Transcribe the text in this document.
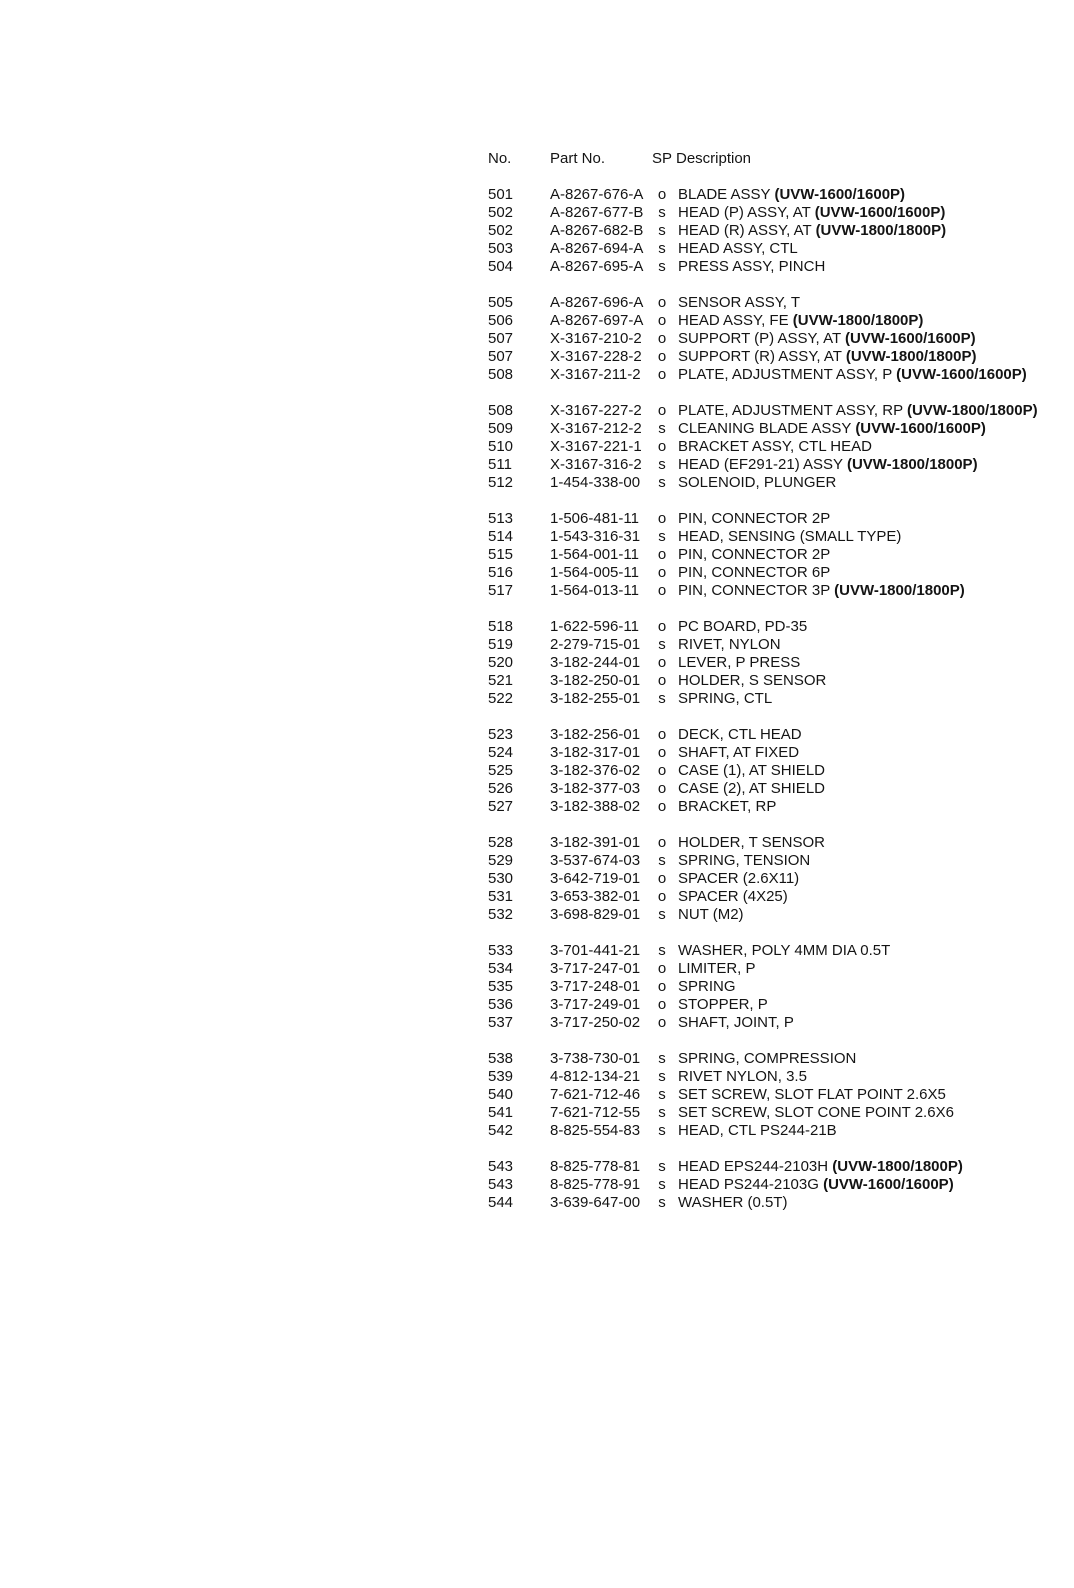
No.	Part No.	SP Description
501	A-8267-676-A o BLADE ASSY (UVW-1600/1600P)
502	A-8267-677-B s HEAD (P) ASSY, AT (UVW-1600/1600P)
502	A-8267-682-B s HEAD (R) ASSY, AT (UVW-1800/1800P)
503	A-8267-694-A s HEAD ASSY, CTL
504	A-8267-695-A s PRESS ASSY, PINCH
505	A-8267-696-A o SENSOR ASSY, T
506	A-8267-697-A o HEAD ASSY, FE (UVW-1800/1800P)
507	X-3167-210-2	o SUPPORT (P) ASSY, AT (UVW-1600/1600P)
507	X-3167-228-2	o SUPPORT (R) ASSY, AT (UVW-1800/1800P)
508	X-3167-211-2	o PLATE, ADJUSTMENT ASSY, P (UVW-1600/1600P)
508	X-3167-227-2	o PLATE, ADJUSTMENT ASSY, RP (UVW-1800/1800P)
509	X-3167-212-2	s CLEANING BLADE ASSY (UVW-1600/1600P)
510	X-3167-221-1	o BRACKET ASSY, CTL HEAD
511	X-3167-316-2	s HEAD (EF291-21) ASSY (UVW-1800/1800P)
512	1-454-338-00	s SOLENOID, PLUNGER
513	1-506-481-11	o PIN, CONNECTOR 2P
514	1-543-316-31	s HEAD, SENSING (SMALL TYPE)
515	1-564-001-11	o PIN, CONNECTOR 2P
516	1-564-005-11	o PIN, CONNECTOR 6P
517	1-564-013-11	o PIN, CONNECTOR 3P (UVW-1800/1800P)
518	1-622-596-11	o PC BOARD, PD-35
519	2-279-715-01	s RIVET, NYLON
520	3-182-244-01	o LEVER, P PRESS
521	3-182-250-01	o HOLDER, S SENSOR
522	3-182-255-01	s SPRING, CTL
523	3-182-256-01	o DECK, CTL HEAD
524	3-182-317-01	o SHAFT, AT FIXED
525	3-182-376-02	o CASE (1), AT SHIELD
526	3-182-377-03	o CASE (2), AT SHIELD
527	3-182-388-02	o BRACKET, RP
528	3-182-391-01	o HOLDER, T SENSOR
529	3-537-674-03	s SPRING, TENSION
530	3-642-719-01	o SPACER (2.6X11)
531	3-653-382-01	o SPACER (4X25)
532	3-698-829-01	s NUT (M2)
533	3-701-441-21	s WASHER, POLY 4MM DIA 0.5T
534	3-717-247-01	o LIMITER, P
535	3-717-248-01	o SPRING
536	3-717-249-01	o STOPPER, P
537	3-717-250-02	o SHAFT, JOINT, P
538	3-738-730-01	s SPRING, COMPRESSION
539	4-812-134-21	s RIVET NYLON, 3.5
540	7-621-712-46	s SET SCREW, SLOT FLAT POINT 2.6X5
541	7-621-712-55	s SET SCREW, SLOT CONE POINT 2.6X6
542	8-825-554-83	s HEAD, CTL PS244-21B
543	8-825-778-81	s HEAD EPS244-2103H (UVW-1800/1800P)
543	8-825-778-91	s HEAD PS244-2103G (UVW-1600/1600P)
544	3-639-647-00	s WASHER (0.5T)
